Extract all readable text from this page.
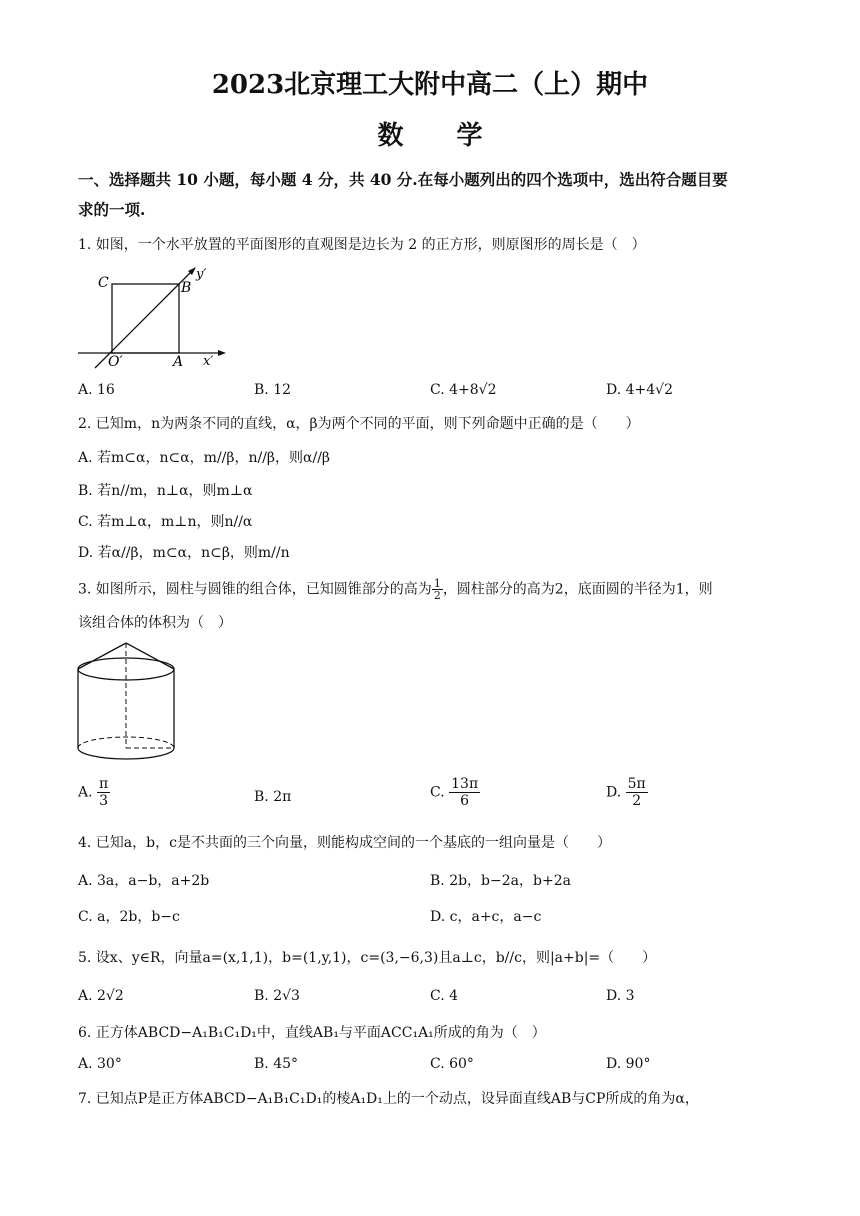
2023北京理工大附中高二（上）期中
数 学
一、选择题共 10 小题，每小题 4 分，共 40 分.在每小题列出的四个选项中，选出符合题目要
求的一项.
1. 如图，一个水平放置的平面图形的直观图是边长为 2 的正方形，则原图形的周长是（　）
C	B
y′
O′	A x′
A. 16	B. 12	C. 4+8√2	D. 4+4√2
2. 已知m，n为两条不同的直线，α，β为两个不同的平面，则下列命题中正确的是（　　）
A. 若m⊂α，n⊂α，m//β，n//β，则α//β
B. 若n//m，n⊥α，则m⊥α
C. 若m⊥α，m⊥n，则n//α
D. 若α//β，m⊂α，n⊂β，则m//n
3. 如图所示，圆柱与圆锥的组合体，已知圆锥部分的高为 $\frac{1}{2}$ ，圆柱部分的高为2，底面圆的半径为1，则
该组合体的体积为（　）
A. $\frac{\pi}{3}$	B. 2π	C. $\frac{13\pi}{6}$	D. $\frac{5\pi}{2}$
4. 已知a，b，c是不共面的三个向量，则能构成空间的一个基底的一组向量是（　　）
A. 3a，a−b，a+2b	B. 2b，b−2a，b+2a
C. a，2b，b−c	D. c，a+c，a−c
5. 设x、y∈R，向量a=(x,1,1)，b=(1,y,1)，c=(3,−6,3)且a⊥c，b//c，则|a+b|=（　　）
A. 2√2	B. 2√3	C. 4	D. 3
6. 正方体ABCD−A₁B₁C₁D₁中，直线AB₁与平面ACC₁A₁所成的角为（　）
A. 30°	B. 45°	C. 60°	D. 90°
7. 已知点P是正方体ABCD−A₁B₁C₁D₁的棱A₁D₁上的一个动点，设异面直线AB与CP所成的角为α，
